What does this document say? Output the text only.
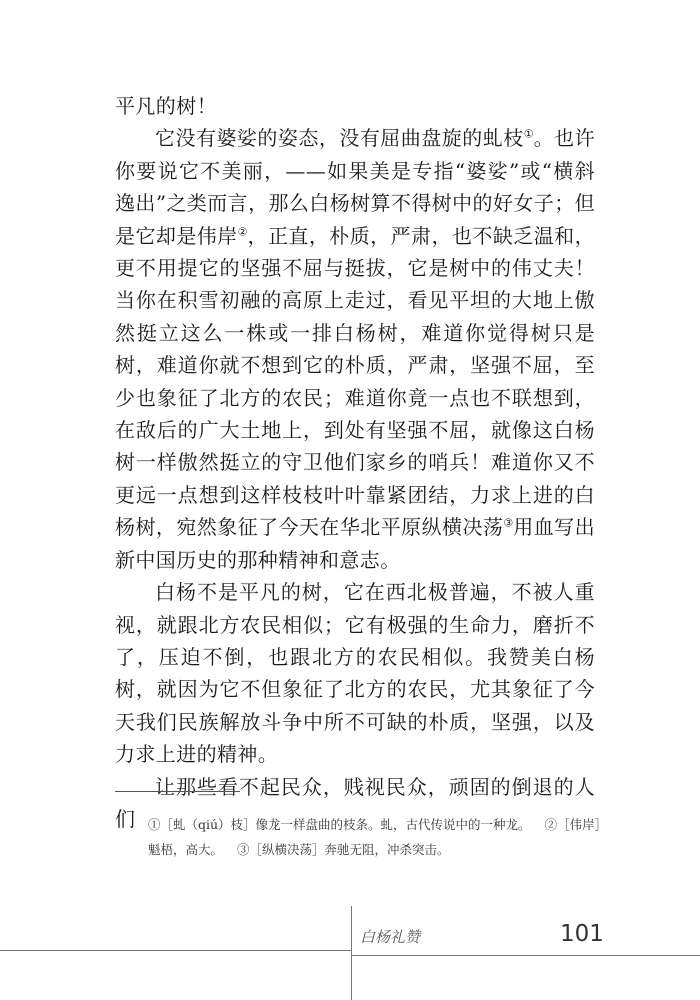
平凡的树！

它没有婆娑的姿态，没有屈曲盘旋的虬枝①。也许你要说它不美丽，——如果美是专指“婆娑”或“横斜逸出”之类而言，那么白杨树算不得树中的好女子；但是它却是伟岸②，正直，朴质，严肃，也不缺乏温和，更不用提它的坚强不屈与挺拔，它是树中的伟丈夫！当你在积雪初融的高原上走过，看见平坦的大地上傲然挺立这么一株或一排白杨树，难道你觉得树只是树，难道你就不想到它的朴质，严肃，坚强不屈，至少也象征了北方的农民；难道你竟一点也不联想到，在敌后的广大土地上，到处有坚强不屈，就像这白杨树一样傲然挺立的守卫他们家乡的哨兵！难道你又不更远一点想到这样枝枝叶叶靠紧团结，力求上进的白杨树，宛然象征了今天在华北平原纵横决荡③用血写出新中国历史的那种精神和意志。

白杨不是平凡的树，它在西北极普遍，不被人重视，就跟北方农民相似；它有极强的生命力，磨折不了，压迫不倒，也跟北方的农民相似。我赞美白杨树，就因为它不但象征了北方的农民，尤其象征了今天我们民族解放斗争中所不可缺的朴质，坚强，以及力求上进的精神。

让那些看不起民众，贱视民众，顽固的倒退的人们	①［虬（qiú）枝］像龙一样盘曲的枝条。虬，古代传说中的一种龙。 ②［伟岸］魁梧，高大。 ③［纵横决荡］奔驰无阻，冲杀突击。
白杨礼赞	101
